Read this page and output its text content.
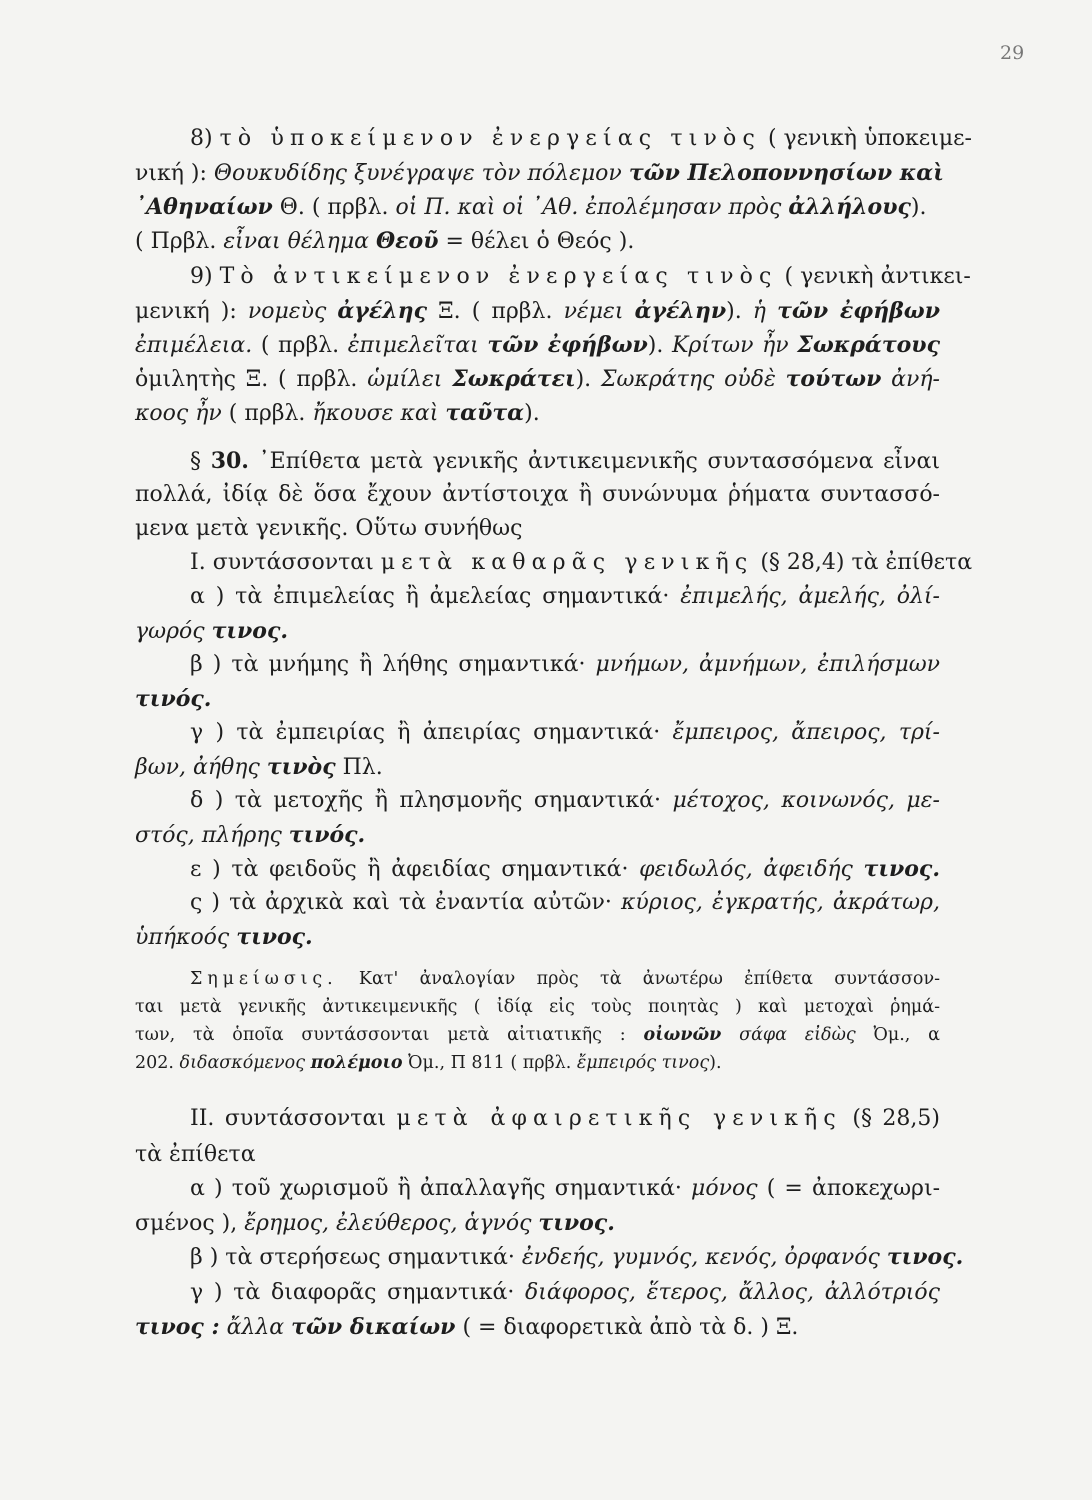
29
8) τὸ ὑποκείμενον ἐνεργείας τινὸς ( γενικὴ ὑποκειμε-
νική ): Θουκυδίδης ξυνέγραψε τὸν πόλεμον τῶν Πελοποννησίων καὶ
᾿Αθηναίων Θ. ( πρβλ. οἱ Π. καὶ οἱ ᾿Αθ. ἐπολέμησαν πρὸς ἀλλήλους).
( Πρβλ. εἶναι θέλημα Θεοῦ = θέλει ὁ Θεός ).
9) Τὸ ἀντικείμενον ἐνεργείας τινὸς ( γενικὴ ἀντικει-
μενική ): νομεὺς ἀγέλης Ξ. ( πρβλ. νέμει ἀγέλην). ἡ τῶν ἐφήβων
ἐπιμέλεια. ( πρβλ. ἐπιμελεῖται τῶν ἐφήβων). Κρίτων ἦν Σωκράτους
ὁμιλητὴς Ξ. ( πρβλ. ὡμίλει Σωκράτει). Σωκράτης οὐδὲ τούτων ἀνή-
κοος ἦν ( πρβλ. ἤκουσε καὶ ταῦτα).
§ 30. ᾿Επίθετα μετὰ γενικῆς ἀντικειμενικῆς συντασσόμενα εἶναι
πολλά, ἰδίᾳ δὲ ὅσα ἔχουν ἀντίστοιχα ἢ συνώνυμα ῥήματα συντασσό-
μενα μετὰ γενικῆς. Οὕτω συνήθως
I. συντάσσονται μετὰ καθαρᾶς γενικῆς (§ 28,4) τὰ ἐπίθετα
α ) τὰ ἐπιμελείας ἢ ἀμελείας σημαντικά· ἐπιμελής, ἀμελής, ὀλί-
γωρός τινος.
β ) τὰ μνήμης ἢ λήθης σημαντικά· μνήμων, ἀμνήμων, ἐπιλήσμων
τινός.
γ ) τὰ ἐμπειρίας ἢ ἀπειρίας σημαντικά· ἔμπειρος, ἄπειρος, τρί-
βων, ἀήθης τινὸς Πλ.
δ ) τὰ μετοχῆς ἢ πλησμονῆς σημαντικά· μέτοχος, κοινωνός, με-
στός, πλήρης τινός.
ε ) τὰ φειδοῦς ἢ ἀφειδίας σημαντικά· φειδωλός, ἀφειδής τινος.
ς ) τὰ ἀρχικὰ καὶ τὰ ἐναντία αὐτῶν· κύριος, ἐγκρατής, ἀκράτωρ,
ὑπήκοός τινος.
Σημείωσις. Κατ' ἀναλογίαν πρὸς τὰ ἀνωτέρω ἐπίθετα συντάσσον-
ται μετὰ γενικῆς ἀντικειμενικῆς ( ἰδίᾳ εἰς τοὺς ποιητὰς ) καὶ μετοχαὶ ῥημά-
των, τὰ ὁποῖα συντάσσονται μετὰ αἰτιατικῆς : οἰωνῶν σάφα εἰδὼς Ὀμ., α
202. διδασκόμενος πολέμοιο Ὀμ., Π 811 ( πρβλ. ἔμπειρός τινος).
II. συντάσσονται μετὰ ἀφαιρετικῆς γενικῆς (§ 28,5)
τὰ ἐπίθετα
α ) τοῦ χωρισμοῦ ἢ ἀπαλλαγῆς σημαντικά· μόνος ( = ἀποκεχωρι-
σμένος ), ἔρημος, ἐλεύθερος, ἁγνός τινος.
β ) τὰ στερήσεως σημαντικά· ἐνδεής, γυμνός, κενός, ὀρφανός τινος.
γ ) τὰ διαφορᾶς σημαντικά· διάφορος, ἕτερος, ἄλλος, ἀλλότριός
τινος : ἄλλα τῶν δικαίων ( = διαφορετικὰ ἀπὸ τὰ δ. ) Ξ.
